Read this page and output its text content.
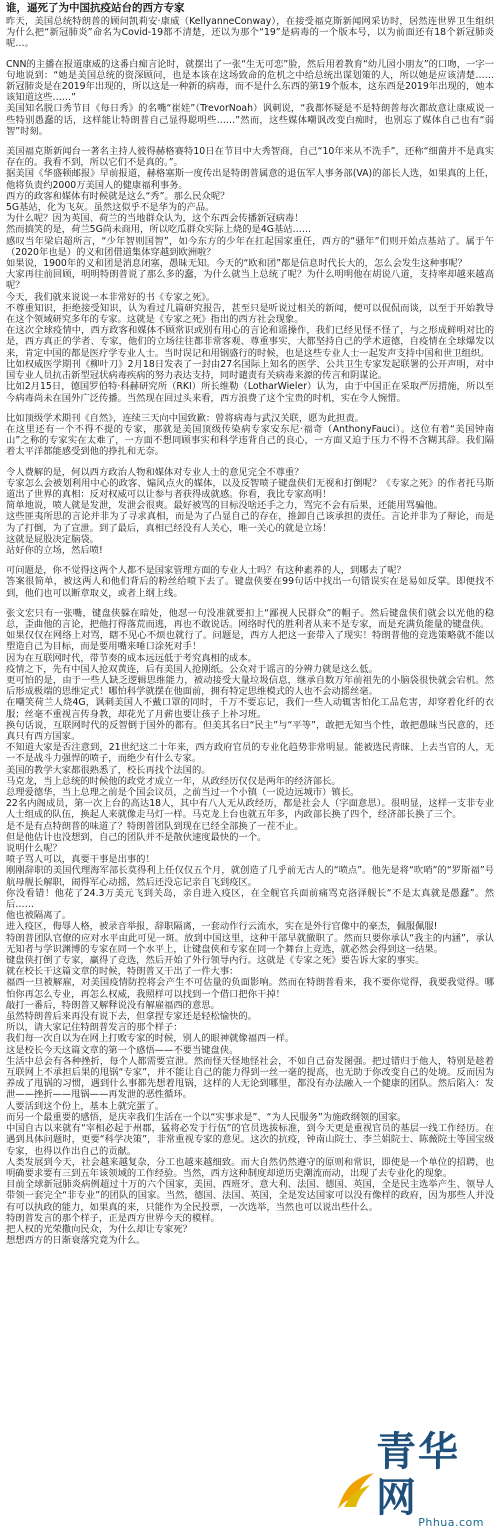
谁，逼死了为中国抗疫站台的西方专家
昨天，美国总统特朗普的顾问凯莉安·康威（KellyanneConway），在接受福克斯新闻网采访时，居然连世界卫生组织为什么把“新冠肺炎”命名为Covid-19都不清楚，还以为那个“19”是病毒的一个版本号，以为前面还有18个新冠肺炎呢…。
CNN的主播在报道康威的这番白痴言论时，就摆出了一张“生无可恋”脸，然后用着教育“幼儿园小朋友”的口吻，一字一句地说到：“她是美国总统的资深顾问，也是本该在这场致命的危机之中给总统出谋划策的人，所以她是应该清楚……新冠肺炎是在2019年出现的，所以这是一种新的病毒，而不是什么东西的第19个版本，这东西是2019年出现的，她本该知道这些……”
美国知名脱口秀节目《每日秀》的名嘴“崔娃”（TrevorNoah）讽刺说，“我都怀疑是不是特朗普每次都故意让康威说一些特别愚蠢的话，这样能让特朗普自己显得聪明些……”然而，这些媒体嘲讽改变白痴时，也别忘了媒体自己也有“弱智”时刻。
美国福克斯新闻台一著名主持人彼得赫格赛特10日在节目中大秀智商，自己“10年来从不洗手”，还称“细菌并不是真实存在的。我看不到，所以它们不是真的。”。
据美国《华盛顿邮报》早前报道，赫格塞斯一度传出是特朗普属意的退伍军人事务部(VA)的部长人选，如果真的上任，他将负责约2000万美国人的健康福利事务。
西方的政客和媒体有时候就是这么“秀”。那么民众呢？
5G基站，化为飞灰。虽然这似乎不是华为的产品。
为什么呢？因为英国、荷兰的当地群众认为，这个东西会传播新冠病毒！
然而搞笑的是，荷兰5G尚未商用，所以吃瓜群众实际上烧的是4G基站……
感叹当年梁启超所言，“少年智则国智”，如今东方的少年在扛起国家重任，西方的“骚年”们则开始点基站了。属于午（2020年也是）的义和团借道集体穿越到欧洲啦？
如果说，1900年的义和团是消息闭塞，愚昧无知。今天的“欧和团”都是信息时代长大的，怎么会发生这种事呢？
大家再往前回顾，明明特朗普说了那么多的蠢，为什么就当上总统了呢？为什么明明他在胡说八道，支持率却越来越高呢？
今天，我们就来说说一本非常好的书《专家之死》。
不尊重知识，拒绝接受知识，认为看过几篇研究报告，甚至只是听说过相关的新闻，便可以侃侃而谈，以至于开始教导在这个领域研究多年的专家。这就是《专家之死》指出的西方社会现象。
在这次全球疫情中，西方政客和媒体不顾常识或别有用心的言论和谣操作，我们已经见怪不怪了，与之形成鲜明对比的是，西方真正的学者、专家，他们的立场往往都非常客观、尊重事实，大都坚持自己的学术道德，自疫情在全球爆发以来，肯定中国的都是医疗学专业人士。当时误记和用钢盛行的时候，也是这些专业人士一起发声支持中国和世卫组织。
比如权威医学期刊《柳叶刀》2月18日发表了一封由27名国际上知名的医学、公共卫生专家发起联署的公开声明，对中国专业人员抗击新型冠状病毒疾病的努力表达支持，同时谴责有关病毒来源的传言和阴谋论。
比如2月15日，德国罗伯特·科赫研究所（RKI）所长维勒（LotharWieler）认为，由于中国正在采取严厉措施，所以至今病毒尚未在国外广泛传播。当然现在回过头来看，西方浪费了这个宝贵的时机，实在令人惋惜。
比如顶级学术期刊《自然》，连续三天向中国致歉：曾将病毒与武汉关联，愿为此担责。
在这里还有一个不得不提的专家，那就是美国顶级传染病专家安东尼·福奇（AnthonyFauci）。这位有着“美国钟南山”之称的专家实在太难了，一方面不想同顾事实和科学违背自己的良心，一方面又迫于压力不得不含糊其辞。我们隔着太平洋都能感受到他的挣扎和无奈。
令人费解的是，何以西方政治人物和媒体对专业人士的意见完全不尊重？
专家怎么会被划利用中心的政客、煽风点火的媒体，以及反智喷子键盘侠们无视和打倒呢？《专家之死》的作者托马斯道出了世界的真相：反对权威可以让参与者获得成就感。你看，我比专家高明！
简单地说，喷人就是发泄，发泄会很爽。最好被骂的目标没啥还手之力，骂完不会有后果，还能用骂骗他。
这些匪夷所思的言论并非为了寻求真相，而是为了凸显自己的存在，推卸自己该承担的责任。言论并非为了辩论，而是为了打倒，为了宣泄。到了最后，真相已经没有人关心，唯一关心的就是立场！
这就是屁股决定脑袋。
站好你的立场，然后喷!
可问题是，你不觉得这两个人都不是国家管理方面的专业人士吗？有这种素养的人，到哪去了呢？
答案很简单，被这两人和他们背后的粉丝给喷下去了。键盘侠要在99句话中找出一句错误实在是易如反掌。即便找不到，他们也可以断章取义，或者上纲上线。
张文宏只有一张嘴，键盘侠躲在暗处，他怼一句没准就要扣上“鄙视人民群众”的帽子。然后键盘侠们就会以光他的稳总，歪曲他的言论，把他打得落荒而逃，再也不敢说话。网络时代的胜利者从来不是专家，而是充满负能量的键盘侠。
如果仅仅在网络上对骂，瞎不见心不烦也就行了。问题是，西方人把这一套带入了现实！特朗普他的竞选策略就不能以塑造自己为目标，而是要用嘴来唾口涂死对手！
因为在互联网时代，带节奏的成本远远低于考究真相的成本。
疫情之下，先有中国人抢双黄连，后有美国人抢刚纸。公众对于谣言的分辨力就是这么低。
更可怕的是，由于一些人缺乏逻辑思维能力，被动接受大量垃圾信息，继承自数万年前祖先的小脑袋很快就会宕机。然后形成极端的思维定式！哪怕科学就摆在他面前，拥有特定思维模式的人也不会动摇丝毫。
在嘲笑荷兰人烧4G，讽刺美国人不戴口罩的同时，千万不要忘记，我们一些人动辄害怕化工品危害，却穿着化纤的衣服；丝毫不重视言传身教，却花光了月薪也要让孩子上补习班。
换句话说，互联网时代的反智倒于国外的都有。但美其名曰“民主”与“平等”，敢把无知当个性，敢把愚昧当民意的，还真只有西方国家。
不知道大家是否注意到，21世纪这二十年来，西方政府官员的专业化趋势非常明显。能被选民青睐、上去当官的人，无一不是战斗力强悍的喷子，而绝少有什么专家。
美国的教学大家都很熟悉了，校长再找个法国的。
马克龙，当上总统的时候他的政党才成立一年，从政经历仅仅是两年的经济部长。
总理爱德华，当上总理之前是个国会议员，之前当过一个小镇（一说边远城市）镇长。
22名内阁成员，第一次上台的高达18人，其中有八人无从政经历，都是社会人（字面意思）。很明显，这样一支非专业人士组成的队伍，换起人来就像走马灯一样。马克龙上台也就五年多，内政部长换了四个，经济部长换了三个。
是不是有点特朗普的味道了？特朗普团队到现在已经全部换了一茬不止。
但是他估计也没想到，自己的团队并不是散伙速度最快的一个。
说明什么呢？
喷子骂人可以，真要干事是出事的！
刚刚辞职的美国代理海军部长莫得利上任仅仅五个月，就创造了几乎前无古人的“喷点”。他先是将“吹哨”的“罗斯福”号航母舰长解职，闹得军心动摇，然后还没忘记亲自飞到疫区。
你没看错！他花了24.3万美元飞到关岛，亲自进入疫区，在全舰官兵面前痛骂克洛泽舰长“不是太真就是愚蠢”。然后……
他也被隔离了。
进入疫区，侮辱人格，被录音举报，辞职隔离，一套动作行云流水，实在是外行官像中的豪杰，佩服佩服!
特朗普团队官僚的应对水平由此可见一斑。放到中国这里，这种干部早就撤职了。然而只要你承认“我主的内涵”，承认无知者与学识渊博的专家在同一个水平上，让键盘侠和专家在同一个舞台上竞选，就必然会得到这一结果。
键盘侠打倒了专家，赢得了竞选，然后开始了外行领导内行。这就是《专家之死》要告诉大家的事实。
就在校长干这篇文章的时候，特朗普又干出了一件大事：
福西一旦被解雇，对美国疫情防控将会产生不可估量的负面影响。然而在特朗普看来，我不要你觉得，我要我觉得。哪怕你再怎么专业，再怎么权威，我照样可以找到一个借口把你干掉！
敲打一番后，特朗普又解释说没有解雇福西的意思。
虽然特朗普后来再没有说下去，但拿捏专家还是轻松愉快的。
所以，请大家记住特朗普发言的那个样子：
我们每一次自以为在网上打败专家的时候，别人的眼神就像福西一样。
这是校长今天这篇文章的第一个感悟——不要当键盘侠。
生活中总会有各种挫折，每个人都需要宣泄。然而怪天怪地怪社会，不如自己奋发图强。把过错归于他人，特别是趁着互联网上不承担后果的甩锅“专家”，并不能让自己的能力得到一丝一毫的提高，也无助于你改变自己的处境。反而因为养成了甩锅的习惯，遇到什么事都先想着甩锅，这样的人无论到哪里，都没有办法融入一个健康的团队。然后陷入：发泄——挫折——甩锅——再发泄的恶性循环。
人要活到这个份上，基本上就完蛋了。
而另一个最重要的感悟，是庆幸我们生活在一个以“实事求是”、“为人民服务”为施政纲领的国家。
中国自古以来就有“宰相必起于州郡，猛将必发于行伍”的官员选拔标准，到今天更是重视官员的基层一线工作经历。在遇到具体问题时，更要“科学决策”，非常重视专家的意见。这次的抗疫，钟南山院士、李兰娟院士、陈薇院士等国宝级专家，也得以作出自己的贡献。
人类发展到今天，社会越来越复杂，分工也越来越细致。而大自然仍然遵守的原则和常识，即使是一个单位的招聘，也明确要求要有三到五年该领域的工作经验。当然，西方这种制度却逆历史潮流而动，出现了去专业化的现象。
目前全球新冠肺炎病例超过十万的六个国家，美国、西班牙、意大利、法国、德国、英国，全是民主选举产生、领导人带领一套完全“非专业”的团队的国家。当然，德国、法国、英国，全是发达国家可以没有像样的政府，因为那些人并没有可以执政的能力，如果真的来，只能作为全民投票，一次选举，当然也可以说出些什么。
特朗普发言的那个样子，正是西方世界今天的模样。
把人权的光荣撒向民众，为什么却让专家死？
想想西方的日渐衰落究竟为什么。
青华网
Phhua.com
